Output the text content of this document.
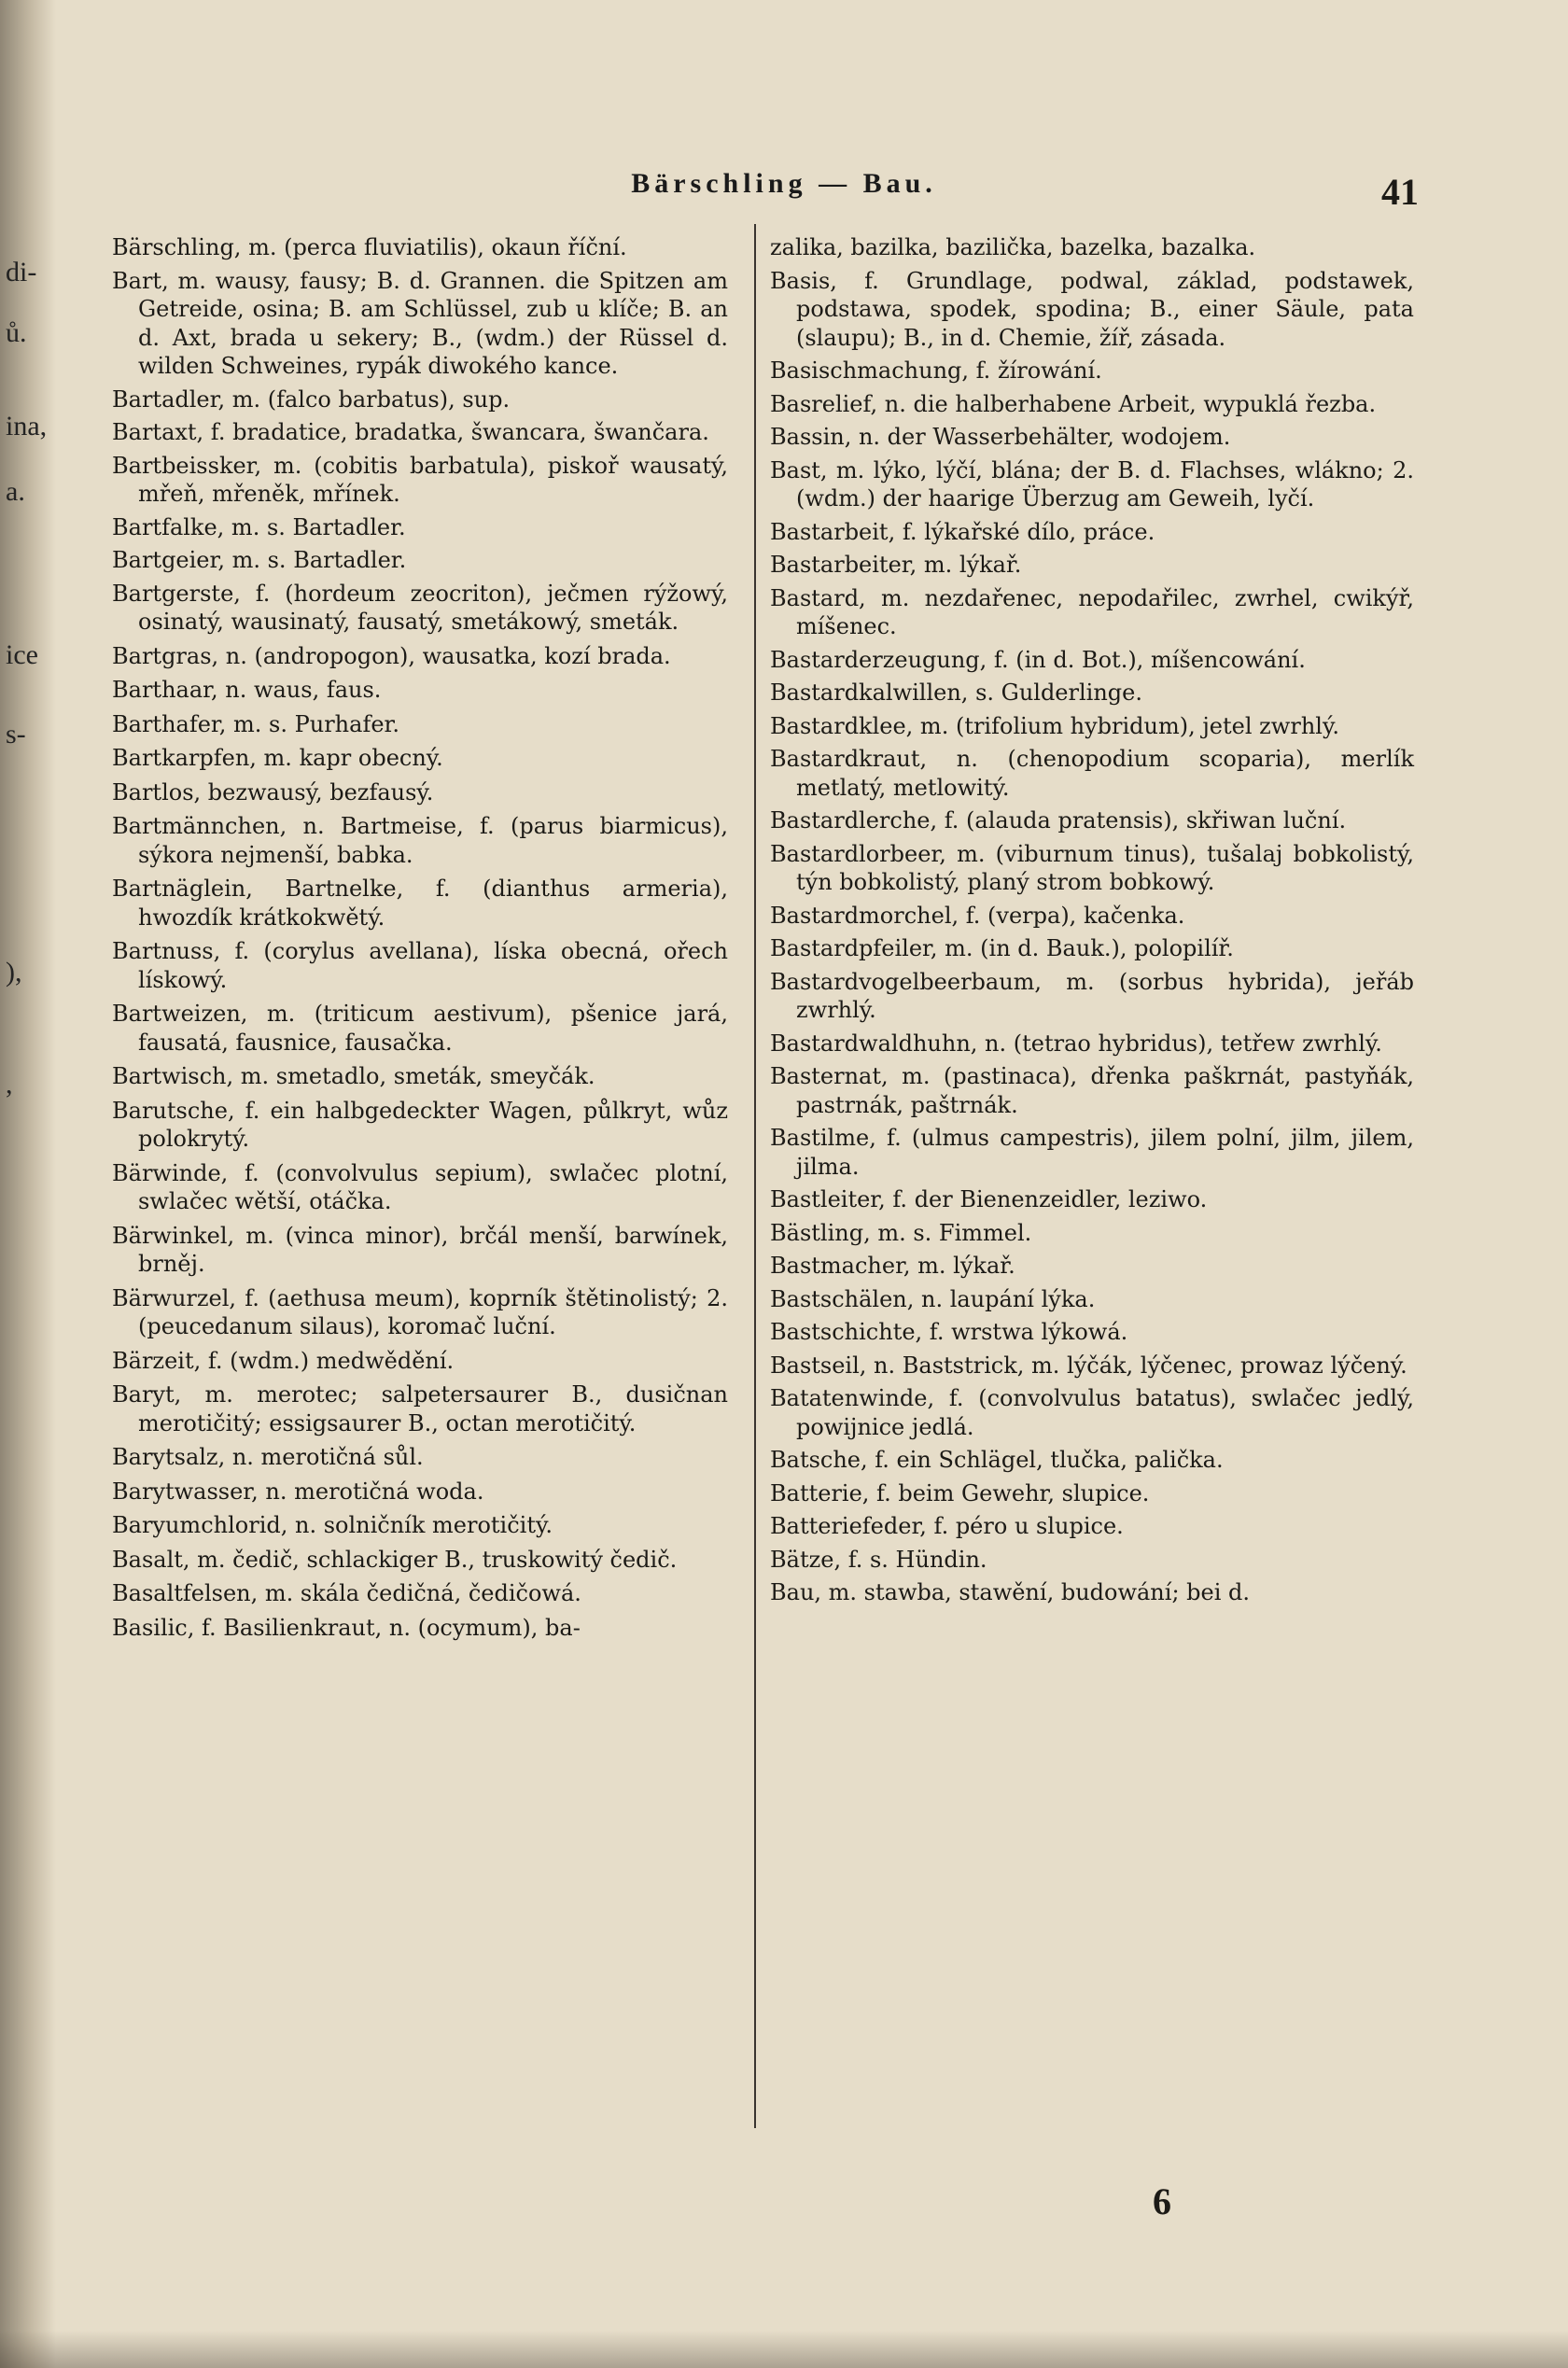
di-
ů.
ina,
a.
ice
s-
),
,
Bärschling — Bau.	41

Bärschling, m. (perca fluviatilis), okaun říční.

Bart, m. wausy, fausy; B. d. Grannen. die Spitzen am Getreide, osina; B. am Schlüssel, zub u klíče; B. an d. Axt, brada u sekery; B., (wdm.) der Rüssel d. wilden Schweines, rypák diwokého kance.

Bartadler, m. (falco barbatus), sup.

Bartaxt, f. bradatice, bradatka, šwancara, šwančara.

Bartbeissker, m. (cobitis barbatula), piskoř wausatý, mřeň, mřeněk, mřínek.

Bartfalke, m. s. Bartadler.

Bartgeier, m. s. Bartadler.

Bartgerste, f. (hordeum zeocriton), ječmen rýžowý, osinatý, wausinatý, fausatý, smetákowý, smeták.

Bartgras, n. (andropogon), wausatka, kozí brada.

Barthaar, n. waus, faus.

Barthafer, m. s. Purhafer.

Bartkarpfen, m. kapr obecný.

Bartlos, bezwausý, bezfausý.

Bartmännchen, n. Bartmeise, f. (parus biarmicus), sýkora nejmenší, babka.

Bartnäglein, Bartnelke, f. (dianthus armeria), hwozdík krátkokwětý.

Bartnuss, f. (corylus avellana), líska obecná, ořech lískowý.

Bartweizen, m. (triticum aestivum), pšenice jará, fausatá, fausnice, fausačka.

Bartwisch, m. smetadlo, smeták, smeyčák.

Barutsche, f. ein halbgedeckter Wagen, půlkryt, wůz polokrytý.

Bärwinde, f. (convolvulus sepium), swlačec plotní, swlačec wětší, otáčka.

Bärwinkel, m. (vinca minor), brčál menší, barwínek, brněj.

Bärwurzel, f. (aethusa meum), koprník štětinolistý; 2. (peucedanum silaus), koromač luční.

Bärzeit, f. (wdm.) medwědění.

Baryt, m. merotec; salpetersaurer B., dusičnan merotičitý; essigsaurer B., octan merotičitý.

Barytsalz, n. merotičná sůl.

Barytwasser, n. merotičná woda.

Baryumchlorid, n. solničník merotičitý.

Basalt, m. čedič, schlackiger B., truskowitý čedič.

Basaltfelsen, m. skála čedičná, čedičowá.

Basilic, f. Basilienkraut, n. (ocymum), ba-

zalika, bazilka, bazilička, bazelka, bazalka.

Basis, f. Grundlage, podwal, základ, podstawek, podstawa, spodek, spodina; B., einer Säule, pata (slaupu); B., in d. Chemie, žíř, zásada.

Basischmachung, f. žírowání.

Basrelief, n. die halberhabene Arbeit, wypuklá řezba.

Bassin, n. der Wasserbehälter, wodojem.

Bast, m. lýko, lýčí, blána; der B. d. Flachses, wlákno; 2. (wdm.) der haarige Überzug am Geweih, lyčí.

Bastarbeit, f. lýkařské dílo, práce.

Bastarbeiter, m. lýkař.

Bastard, m. nezdařenec, nepodařilec, zwrhel, cwikýř, míšenec.

Bastarderzeugung, f. (in d. Bot.), míšencowání.

Bastardkalwillen, s. Gulderlinge.

Bastardklee, m. (trifolium hybridum), jetel zwrhlý.

Bastardkraut, n. (chenopodium scoparia), merlík metlatý, metlowitý.

Bastardlerche, f. (alauda pratensis), skřiwan luční.

Bastardlorbeer, m. (viburnum tinus), tušalaj bobkolistý, týn bobkolistý, planý strom bobkowý.

Bastardmorchel, f. (verpa), kačenka.

Bastardpfeiler, m. (in d. Bauk.), polopilíř.

Bastardvogelbeerbaum, m. (sorbus hybrida), jeřáb zwrhlý.

Bastardwaldhuhn, n. (tetrao hybridus), tetřew zwrhlý.

Basternat, m. (pastinaca), dřenka paškrnát, pastyňák, pastrnák, paštrnák.

Bastilme, f. (ulmus campestris), jilem polní, jilm, jilem, jilma.

Bastleiter, f. der Bienenzeidler, leziwo.

Bästling, m. s. Fimmel.

Bastmacher, m. lýkař.

Bastschälen, n. laupání lýka.

Bastschichte, f. wrstwa lýkowá.

Bastseil, n. Baststrick, m. lýčák, lýčenec, prowaz lýčený.

Batatenwinde, f. (convolvulus batatus), swlačec jedlý, powijnice jedlá.

Batsche, f. ein Schlägel, tlučka, palička.

Batterie, f. beim Gewehr, slupice.

Batteriefeder, f. péro u slupice.

Bätze, f. s. Hündin.

Bau, m. stawba, stawění, budowání; bei d.

6
